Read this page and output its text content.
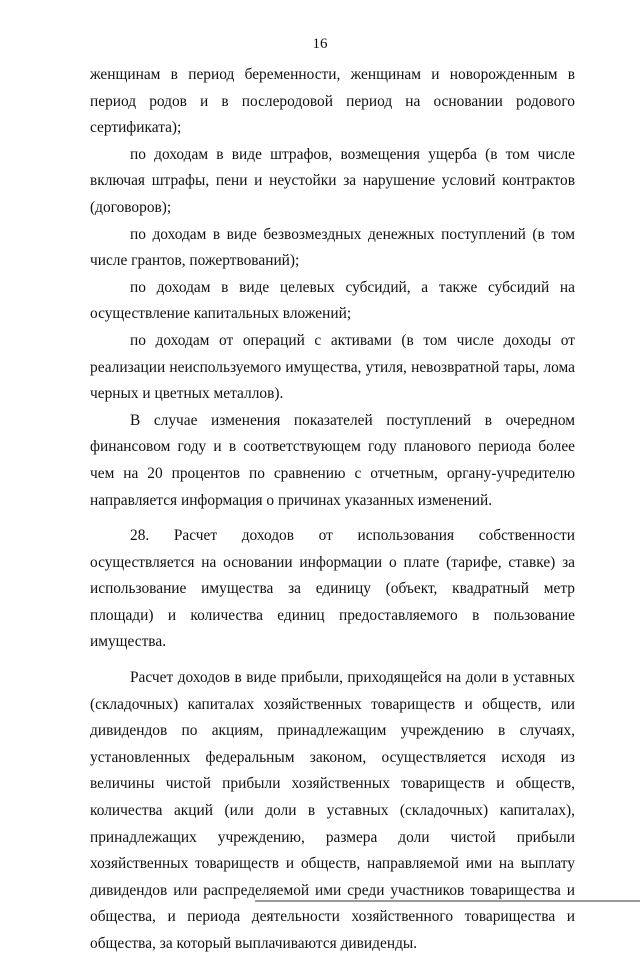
16

женщинам в период беременности, женщинам и новорожденным в период родов и в послеродовой период на основании родового сертификата);

по доходам в виде штрафов, возмещения ущерба (в том числе включая штрафы, пени и неустойки за нарушение условий контрактов (договоров);

по доходам в виде безвозмездных денежных поступлений (в том числе грантов, пожертвований);

по доходам в виде целевых субсидий, а также субсидий на осуществление капитальных вложений;

по доходам от операций с активами (в том числе доходы от реализации неиспользуемого имущества, утиля, невозвратной тары, лома черных и цветных металлов).

В случае изменения показателей поступлений в очередном финансовом году и в соответствующем году планового периода более чем на 20 процентов по сравнению с отчетным, органу-учредителю направляется информация о причинах указанных изменений.

28. Расчет доходов от использования собственности осуществляется на основании информации о плате (тарифе, ставке) за использование имущества за единицу (объект, квадратный метр площади) и количества единиц предоставляемого в пользование имущества.

Расчет доходов в виде прибыли, приходящейся на доли в уставных (складочных) капиталах хозяйственных товариществ и обществ, или дивидендов по акциям, принадлежащим учреждению в случаях, установленных федеральным законом, осуществляется исходя из величины чистой прибыли хозяйственных товариществ и обществ, количества акций (или доли в уставных (складочных) капиталах), принадлежащих учреждению, размера доли чистой прибыли хозяйственных товариществ и обществ, направляемой ими на выплату дивидендов или распределяемой ими среди участников товарищества и общества, и периода деятельности хозяйственного товарищества и общества, за который выплачиваются дивиденды.
